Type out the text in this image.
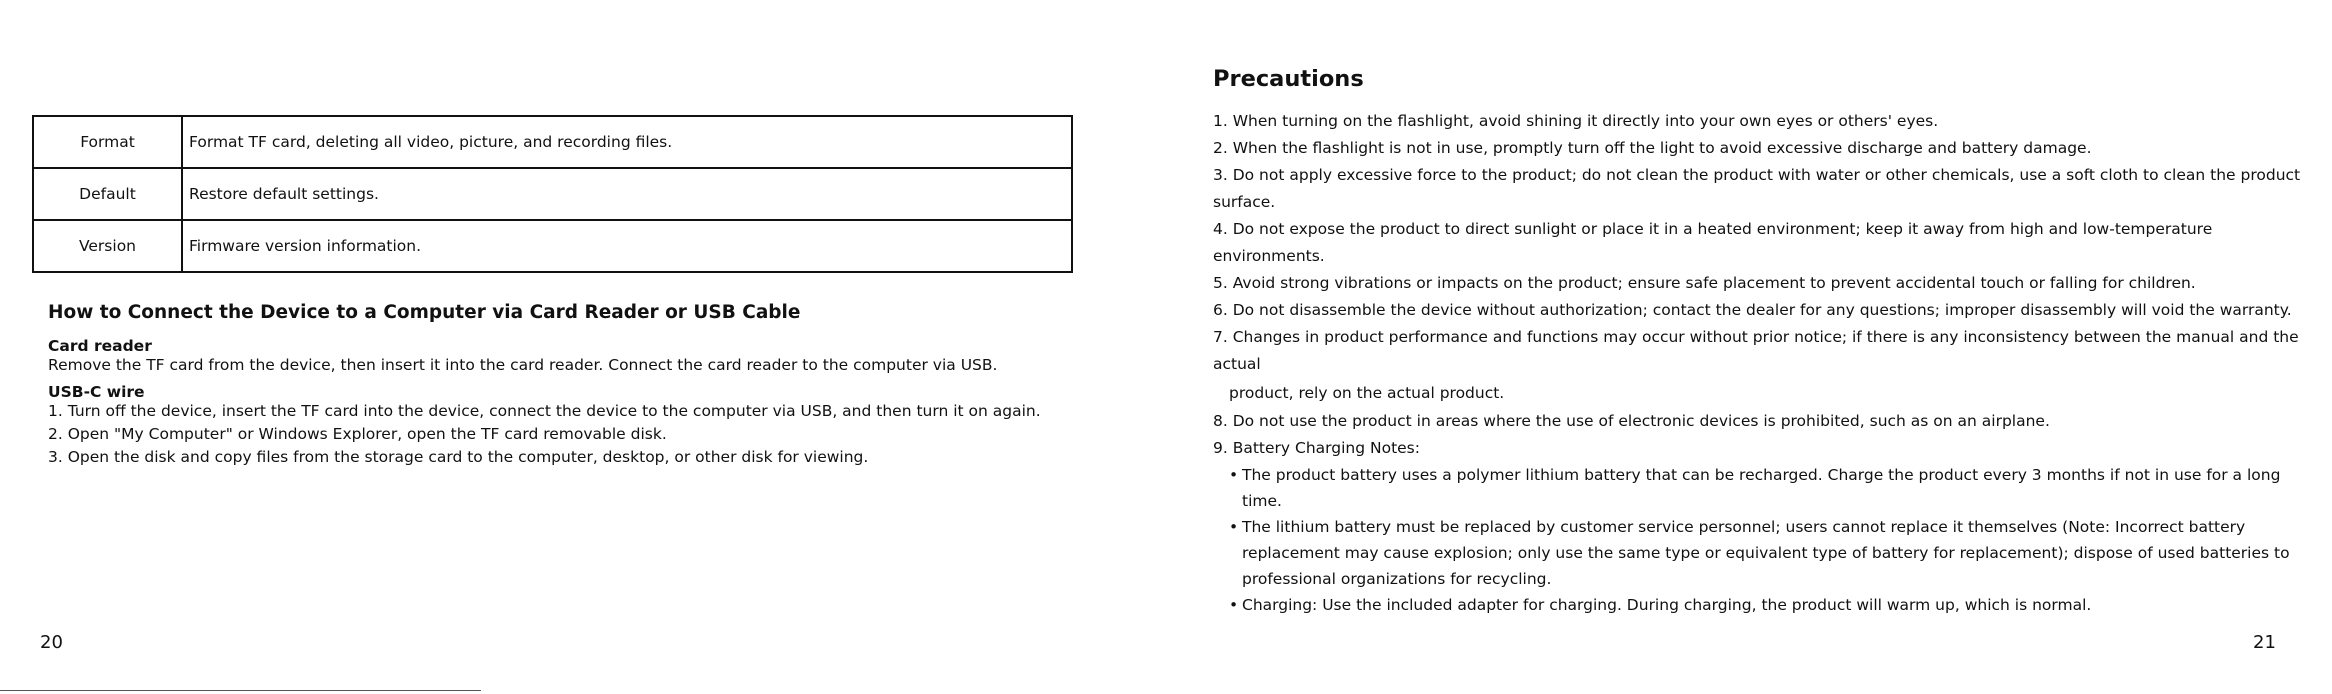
Format	Format TF card, deleting all video, picture, and recording files.
Default	Restore default settings.
Version	Firmware version information.

How to Connect the Device to a Computer via Card Reader or USB Cable

Card reader

Remove the TF card from the device, then insert it into the card reader. Connect the card reader to the computer via USB.

USB-C wire

1. Turn off the device, insert the TF card into the device, connect the device to the computer via USB, and then turn it on again.

2. Open "My Computer" or Windows Explorer, open the TF card removable disk.

3. Open the disk and copy files from the storage card to the computer, desktop, or other disk for viewing.

20

Precautions

1. When turning on the flashlight, avoid shining it directly into your own eyes or others' eyes.

2. When the flashlight is not in use, promptly turn off the light to avoid excessive discharge and battery damage.

3. Do not apply excessive force to the product; do not clean the product with water or other chemicals, use a soft cloth to clean the product surface.

4. Do not expose the product to direct sunlight or place it in a heated environment; keep it away from high and low-temperature environments.

5. Avoid strong vibrations or impacts on the product; ensure safe placement to prevent accidental touch or falling for children.

6. Do not disassemble the device without authorization; contact the dealer for any questions; improper disassembly will void the warranty.

7. Changes in product performance and functions may occur without prior notice; if there is any inconsistency between the manual and the actual

product, rely on the actual product.

8. Do not use the product in areas where the use of electronic devices is prohibited, such as on an airplane.

9. Battery Charging Notes:

• The product battery uses a polymer lithium battery that can be recharged. Charge the product every 3 months if not in use for a long time.

• The lithium battery must be replaced by customer service personnel; users cannot replace it themselves (Note: Incorrect battery replacement may cause explosion; only use the same type or equivalent type of battery for replacement); dispose of used batteries to professional organizations for recycling.

• Charging: Use the included adapter for charging. During charging, the product will warm up, which is normal.

21
